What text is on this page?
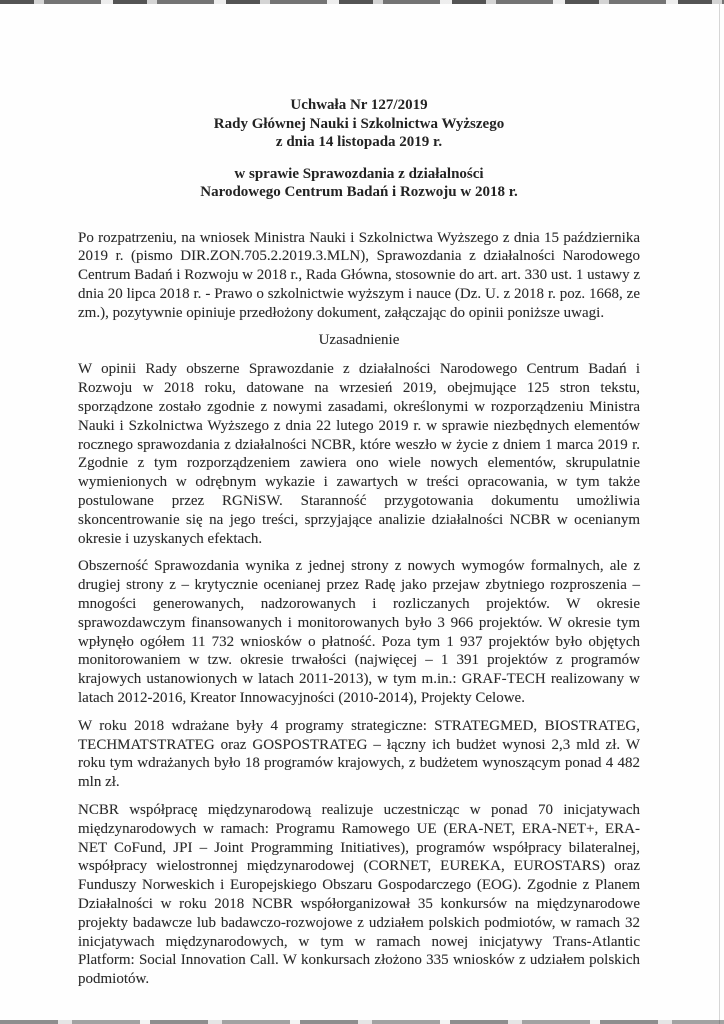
Uchwała Nr 127/2019
Rady Głównej Nauki i Szkolnictwa Wyższego
z dnia 14 listopada 2019 r.
w sprawie Sprawozdania z działalności
Narodowego Centrum Badań i Rozwoju w 2018 r.

Po rozpatrzeniu, na wniosek Ministra Nauki i Szkolnictwa Wyższego z dnia 15 października 2019 r. (pismo DIR.ZON.705.2.2019.3.MLN), Sprawozdania z działalności Narodowego Centrum Badań i Rozwoju w 2018 r., Rada Główna, stosownie do art. art. 330 ust. 1 ustawy z dnia 20 lipca 2018 r. - Prawo o szkolnictwie wyższym i nauce (Dz. U. z 2018 r. poz. 1668, ze zm.), pozytywnie opiniuje przedłożony dokument, załączając do opinii poniższe uwagi.

Uzasadnienie

W opinii Rady obszerne Sprawozdanie z działalności Narodowego Centrum Badań i Rozwoju w 2018 roku, datowane na wrzesień 2019, obejmujące 125 stron tekstu, sporządzone zostało zgodnie z nowymi zasadami, określonymi w rozporządzeniu Ministra Nauki i Szkolnictwa Wyższego z dnia 22 lutego 2019 r. w sprawie niezbędnych elementów rocznego sprawozdania z działalności NCBR, które weszło w życie z dniem 1 marca 2019 r. Zgodnie z tym rozporządzeniem zawiera ono wiele nowych elementów, skrupulatnie wymienionych w odrębnym wykazie i zawartych w treści opracowania, w tym także postulowane przez RGNiSW. Staranność przygotowania dokumentu umożliwia skoncentrowanie się na jego treści, sprzyjające analizie działalności NCBR w ocenianym okresie i uzyskanych efektach.

Obszerność Sprawozdania wynika z jednej strony z nowych wymogów formalnych, ale z drugiej strony z – krytycznie ocenianej przez Radę jako przejaw zbytniego rozproszenia – mnogości generowanych, nadzorowanych i rozliczanych projektów. W okresie sprawozdawczym finansowanych i monitorowanych było 3 966 projektów. W okresie tym wpłynęło ogółem 11 732 wniosków o płatność. Poza tym 1 937 projektów było objętych monitorowaniem w tzw. okresie trwałości (najwięcej – 1 391 projektów z programów krajowych ustanowionych w latach 2011-2013), w tym m.in.: GRAF-TECH realizowany w latach 2012-2016, Kreator Innowacyjności (2010-2014), Projekty Celowe.

W roku 2018 wdrażane były 4 programy strategiczne: STRATEGMED, BIOSTRATEG, TECHMATSTRATEG oraz GOSPOSTRATEG – łączny ich budżet wynosi 2,3 mld zł. W roku tym wdrażanych było 18 programów krajowych, z budżetem wynoszącym ponad 4 482 mln zł.

NCBR współpracę międzynarodową realizuje uczestnicząc w ponad 70 inicjatywach międzynarodowych w ramach: Programu Ramowego UE (ERA-NET, ERA-NET+, ERA-NET CoFund, JPI – Joint Programming Initiatives), programów współpracy bilateralnej, współpracy wielostronnej międzynarodowej (CORNET, EUREKA, EUROSTARS) oraz Funduszy Norweskich i Europejskiego Obszaru Gospodarczego (EOG). Zgodnie z Planem Działalności w roku 2018 NCBR współorganizował 35 konkursów na międzynarodowe projekty badawcze lub badawczo-rozwojowe z udziałem polskich podmiotów, w ramach 32 inicjatywach międzynarodowych, w tym w ramach nowej inicjatywy Trans-Atlantic Platform: Social Innovation Call. W konkursach złożono 335 wniosków z udziałem polskich podmiotów.
